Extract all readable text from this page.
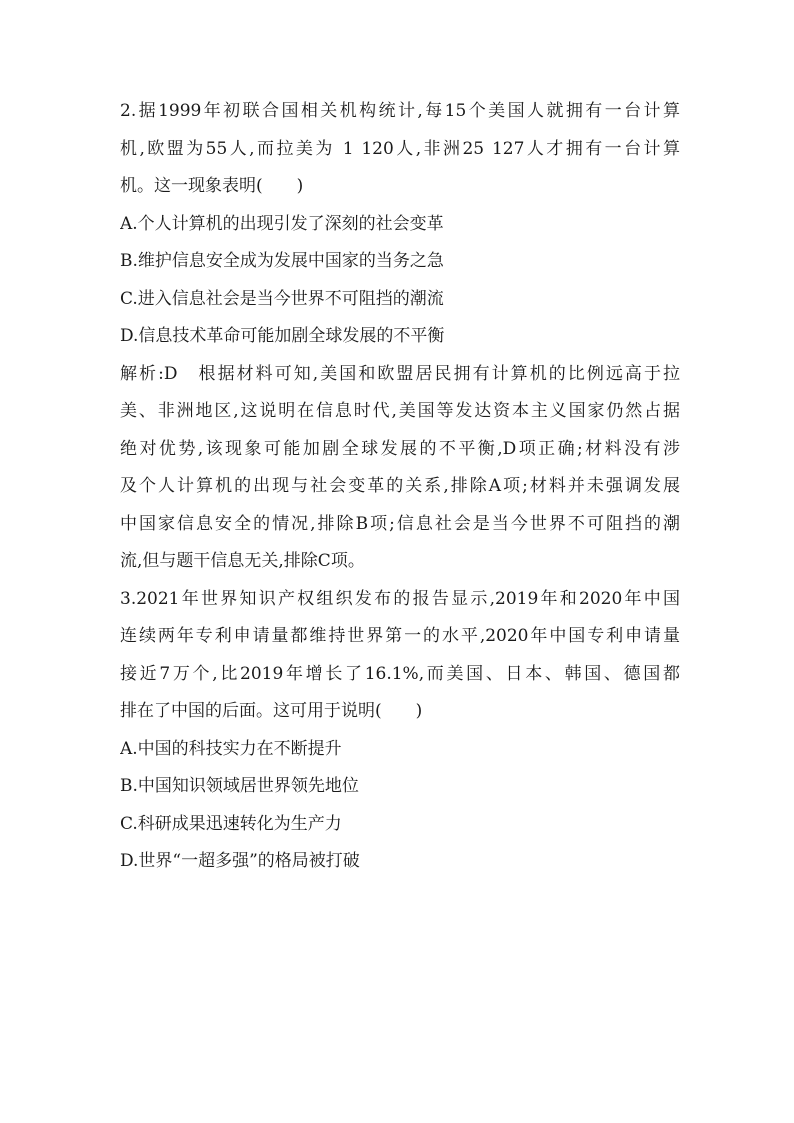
2.据1999年初联合国相关机构统计,每15个美国人就拥有一台计算
机,欧盟为55人,而拉美为 1 120人,非洲25 127人才拥有一台计算
机。这一现象表明(　　)
A.个人计算机的出现引发了深刻的社会变革
B.维护信息安全成为发展中国家的当务之急
C.进入信息社会是当今世界不可阻挡的潮流
D.信息技术革命可能加剧全球发展的不平衡
解析:D　根据材料可知,美国和欧盟居民拥有计算机的比例远高于拉
美、非洲地区,这说明在信息时代,美国等发达资本主义国家仍然占据
绝对优势,该现象可能加剧全球发展的不平衡,D项正确;材料没有涉
及个人计算机的出现与社会变革的关系,排除A项;材料并未强调发展
中国家信息安全的情况,排除B项;信息社会是当今世界不可阻挡的潮
流,但与题干信息无关,排除C项。
3.2021年世界知识产权组织发布的报告显示,2019年和2020年中国
连续两年专利申请量都维持世界第一的水平,2020年中国专利申请量
接近7万个,比2019年增长了16.1%,而美国、日本、韩国、德国都
排在了中国的后面。这可用于说明(　　)
A.中国的科技实力在不断提升
B.中国知识领域居世界领先地位
C.科研成果迅速转化为生产力
D.世界“一超多强”的格局被打破
